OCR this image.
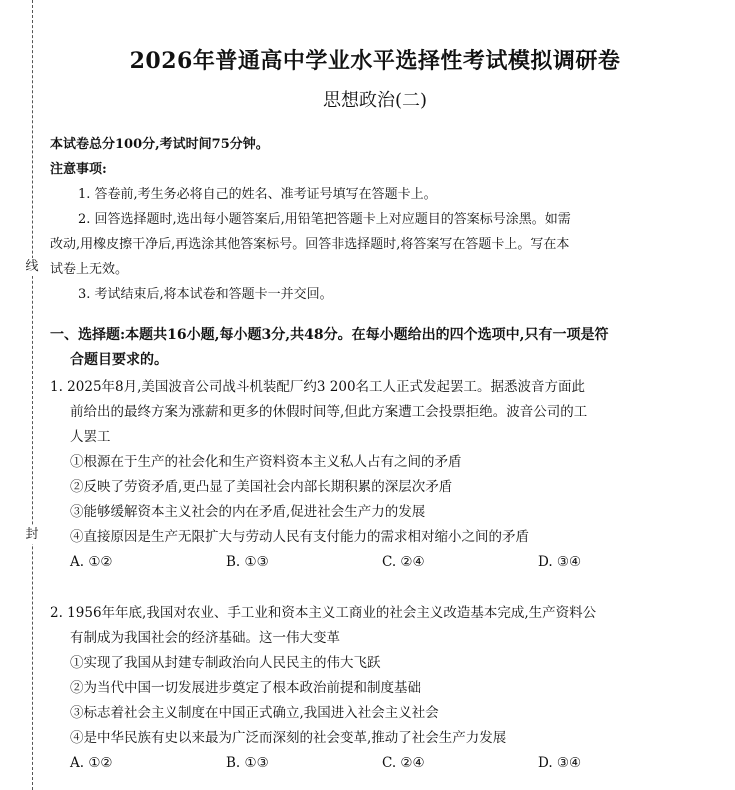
线
封
2026年普通高中学业水平选择性考试模拟调研卷
思想政治(二)
本试卷总分100分,考试时间75分钟。
注意事项:
1. 答卷前,考生务必将自己的姓名、准考证号填写在答题卡上。
2. 回答选择题时,选出每小题答案后,用铅笔把答题卡上对应题目的答案标号涂黑。如需
改动,用橡皮擦干净后,再选涂其他答案标号。回答非选择题时,将答案写在答题卡上。写在本
试卷上无效。
3. 考试结束后,将本试卷和答题卡一并交回。
一、选择题:本题共16小题,每小题3分,共48分。在每小题给出的四个选项中,只有一项是符
合题目要求的。
1. 2025年8月,美国波音公司战斗机装配厂约3 200名工人正式发起罢工。据悉波音方面此
前给出的最终方案为涨薪和更多的休假时间等,但此方案遭工会投票拒绝。波音公司的工
人罢工
①根源在于生产的社会化和生产资料资本主义私人占有之间的矛盾
②反映了劳资矛盾,更凸显了美国社会内部长期积累的深层次矛盾
③能够缓解资本主义社会的内在矛盾,促进社会生产力的发展
④直接原因是生产无限扩大与劳动人民有支付能力的需求相对缩小之间的矛盾
A. ①②	B. ①③	C. ②④	D. ③④
2. 1956年年底,我国对农业、手工业和资本主义工商业的社会主义改造基本完成,生产资料公
有制成为我国社会的经济基础。这一伟大变革
①实现了我国从封建专制政治向人民民主的伟大飞跃
②为当代中国一切发展进步奠定了根本政治前提和制度基础
③标志着社会主义制度在中国正式确立,我国进入社会主义社会
④是中华民族有史以来最为广泛而深刻的社会变革,推动了社会生产力发展
A. ①②	B. ①③	C. ②④	D. ③④
